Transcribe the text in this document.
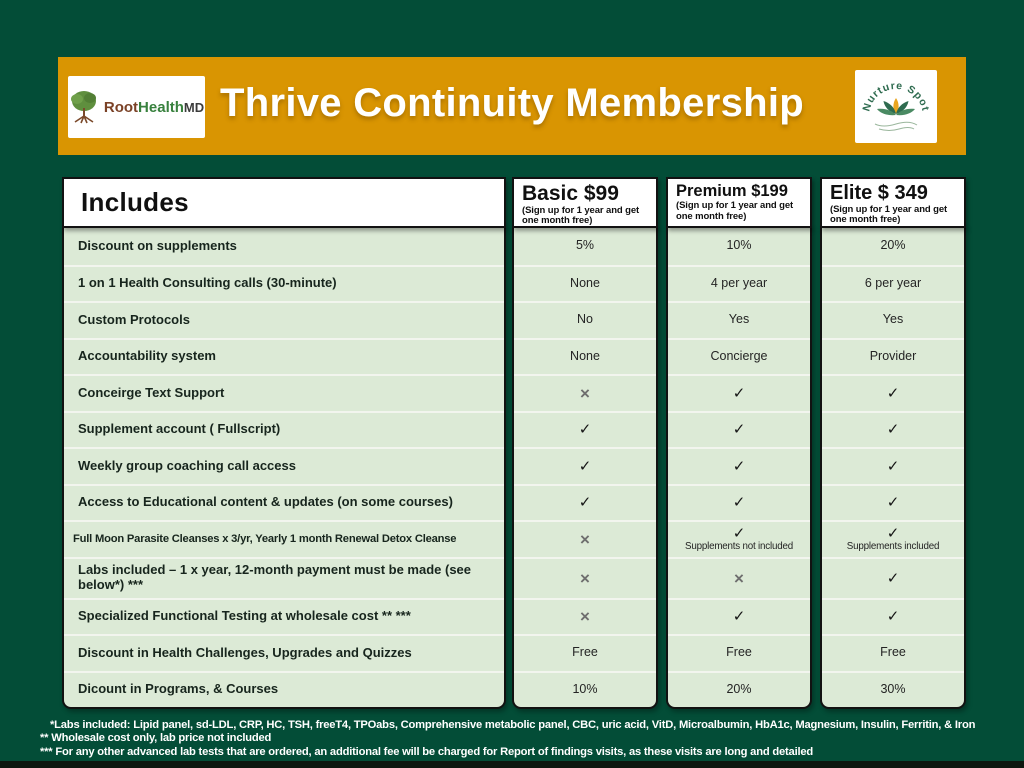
RootHealthMD Thrive Continuity Membership	Nurture Spot
Includes
Discount on supplements
1 on 1 Health Consulting calls (30-minute)
Custom Protocols
Accountability system
Conceirge Text Support
Supplement account ( Fullscript)
Weekly group coaching call access
Access to Educational content & updates (on some courses)
Full Moon Parasite Cleanses x 3/yr, Yearly 1 month Renewal Detox Cleanse
Labs included – 1 x year, 12-month payment must be made (see below*) ***
Specialized Functional Testing at wholesale cost ** ***
Discount in Health Challenges, Upgrades and Quizzes
Dicount in Programs, & Courses
Basic $99
(Sign up for 1 year and get one month free)
5%
None
No
None
×
✓
✓
✓
×
×
×
Free
10%
Premium $199
(Sign up for 1 year and get one month free)
10%
4 per year
Yes
Concierge
✓
✓
✓
✓
✓
Supplements not included
×
✓
Free
20%
Elite $ 349
(Sign up for 1 year and get one month free)
20%
6 per year
Yes
Provider
✓
✓
✓
✓
✓
Supplements included
✓
✓
Free
30%
*Labs included: Lipid panel, sd-LDL, CRP, HC, TSH, freeT4, TPOabs, Comprehensive metabolic panel, CBC, uric acid, VitD, Microalbumin, HbA1c, Magnesium, Insulin, Ferritin, & Iron
** Wholesale cost only, lab price not included
*** For any other advanced lab tests that are ordered, an additional fee will be charged for Report of findings visits, as these visits are long and detailed
